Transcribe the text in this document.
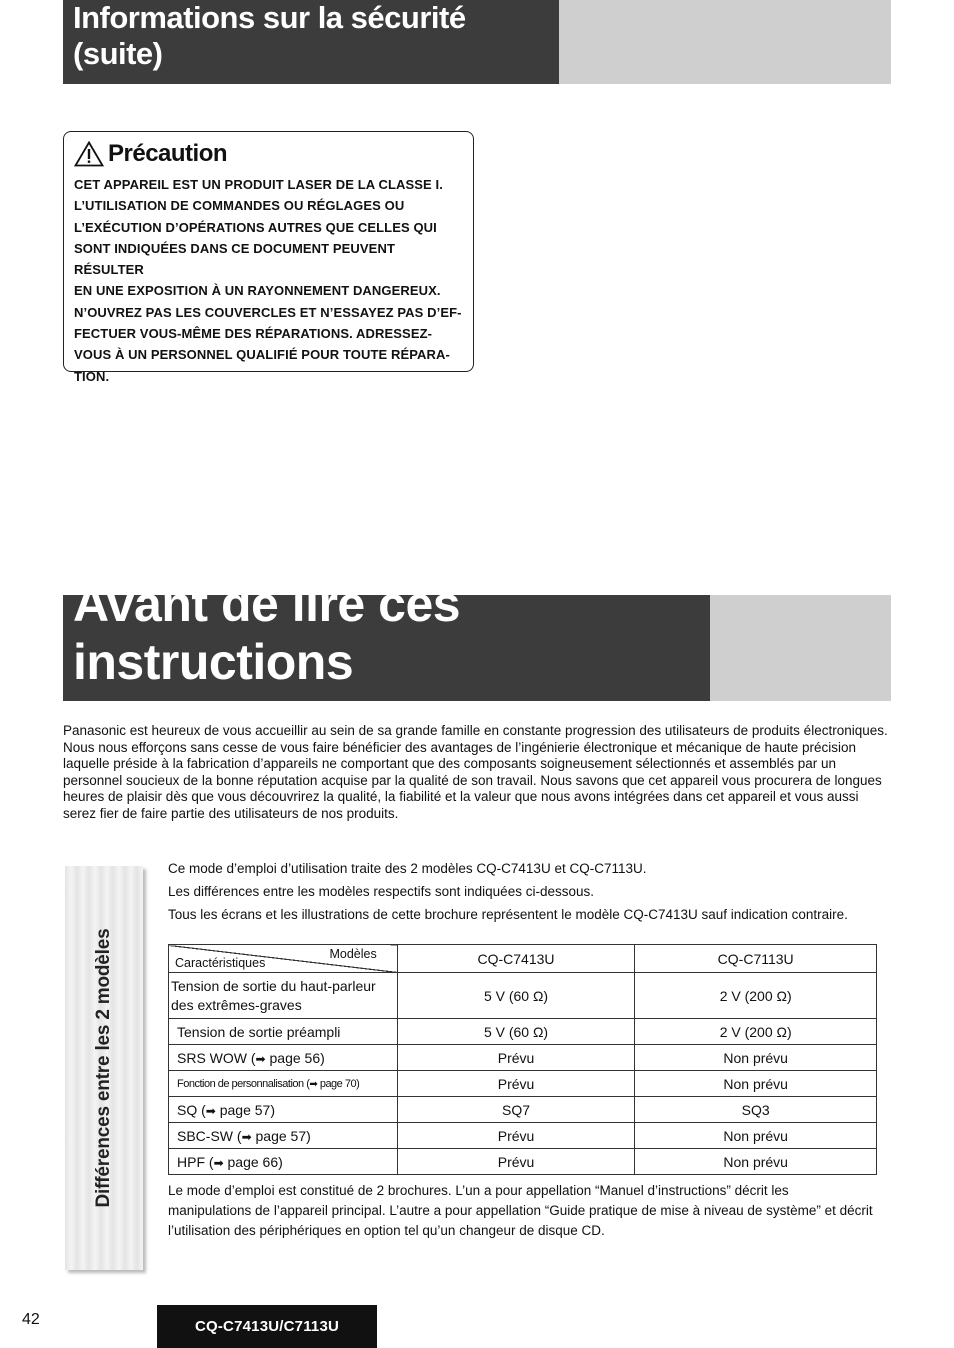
Informations sur la sécurité (suite)
Précaution
CET APPAREIL EST UN PRODUIT LASER DE LA CLASSE I.
L’UTILISATION DE COMMANDES OU RÉGLAGES OU
L’EXÉCUTION D’OPÉRATIONS AUTRES QUE CELLES QUI
SONT INDIQUÉES DANS CE DOCUMENT PEUVENT RÉSULTER
EN UNE EXPOSITION À UN RAYONNEMENT DANGEREUX.
N’OUVREZ PAS LES COUVERCLES ET N’ESSAYEZ PAS D’EF-
FECTUER VOUS-MÊME DES RÉPARATIONS. ADRESSEZ-
VOUS À UN PERSONNEL QUALIFIÉ POUR TOUTE RÉPARA-
TION.
Avant de lire ces instructions

Panasonic est heureux de vous accueillir au sein de sa grande famille en constante progression des utilisateurs de produits électroniques.

Nous nous efforçons sans cesse de vous faire bénéficier des avantages de l’ingénierie électronique et mécanique de haute précision laquelle préside à la fabrication d’appareils ne comportant que des composants soigneusement sélectionnés et assemblés par un personnel soucieux de la bonne réputation acquise par la qualité de son travail. Nous savons que cet appareil vous procurera de longues heures de plaisir dès que vous découvrirez la qualité, la fiabilité et la valeur que nous avons intégrées dans cet appareil et vous aussi serez fier de faire partie des utilisateurs de nos produits.

Différences entre les 2 modèles
Ce mode d’emploi d’utilisation traite des 2 modèles CQ-C7413U et CQ-C7113U.
Les différences entre les modèles respectifs sont indiquées ci-dessous.
Tous les écrans et les illustrations de cette brochure représentent le modèle CQ-C7413U sauf indication contraire.
Modèles
Caractéristiques	CQ-C7413U	CQ-C7113U
Tension de sortie du haut-parleur des extrêmes-graves	5 V (60 Ω)	2 V (200 Ω)
Tension de sortie préampli	5 V (60 Ω)	2 V (200 Ω)
SRS WOW (➡ page 56)	Prévu	Non prévu
Fonction de personnalisation (➡ page 70)	Prévu	Non prévu
SQ (➡ page 57)	SQ7	SQ3
SBC-SW (➡ page 57)	Prévu	Non prévu
HPF (➡ page 66)	Prévu	Non prévu
Le mode d’emploi est constitué de 2 brochures. L’un a pour appellation “Manuel d’instructions” décrit les manipulations de l’appareil principal. L’autre a pour appellation “Guide pratique de mise à niveau de système” et décrit l’utilisation des périphériques en option tel qu’un changeur de disque CD.
42	CQ-C7413U/C7113U
